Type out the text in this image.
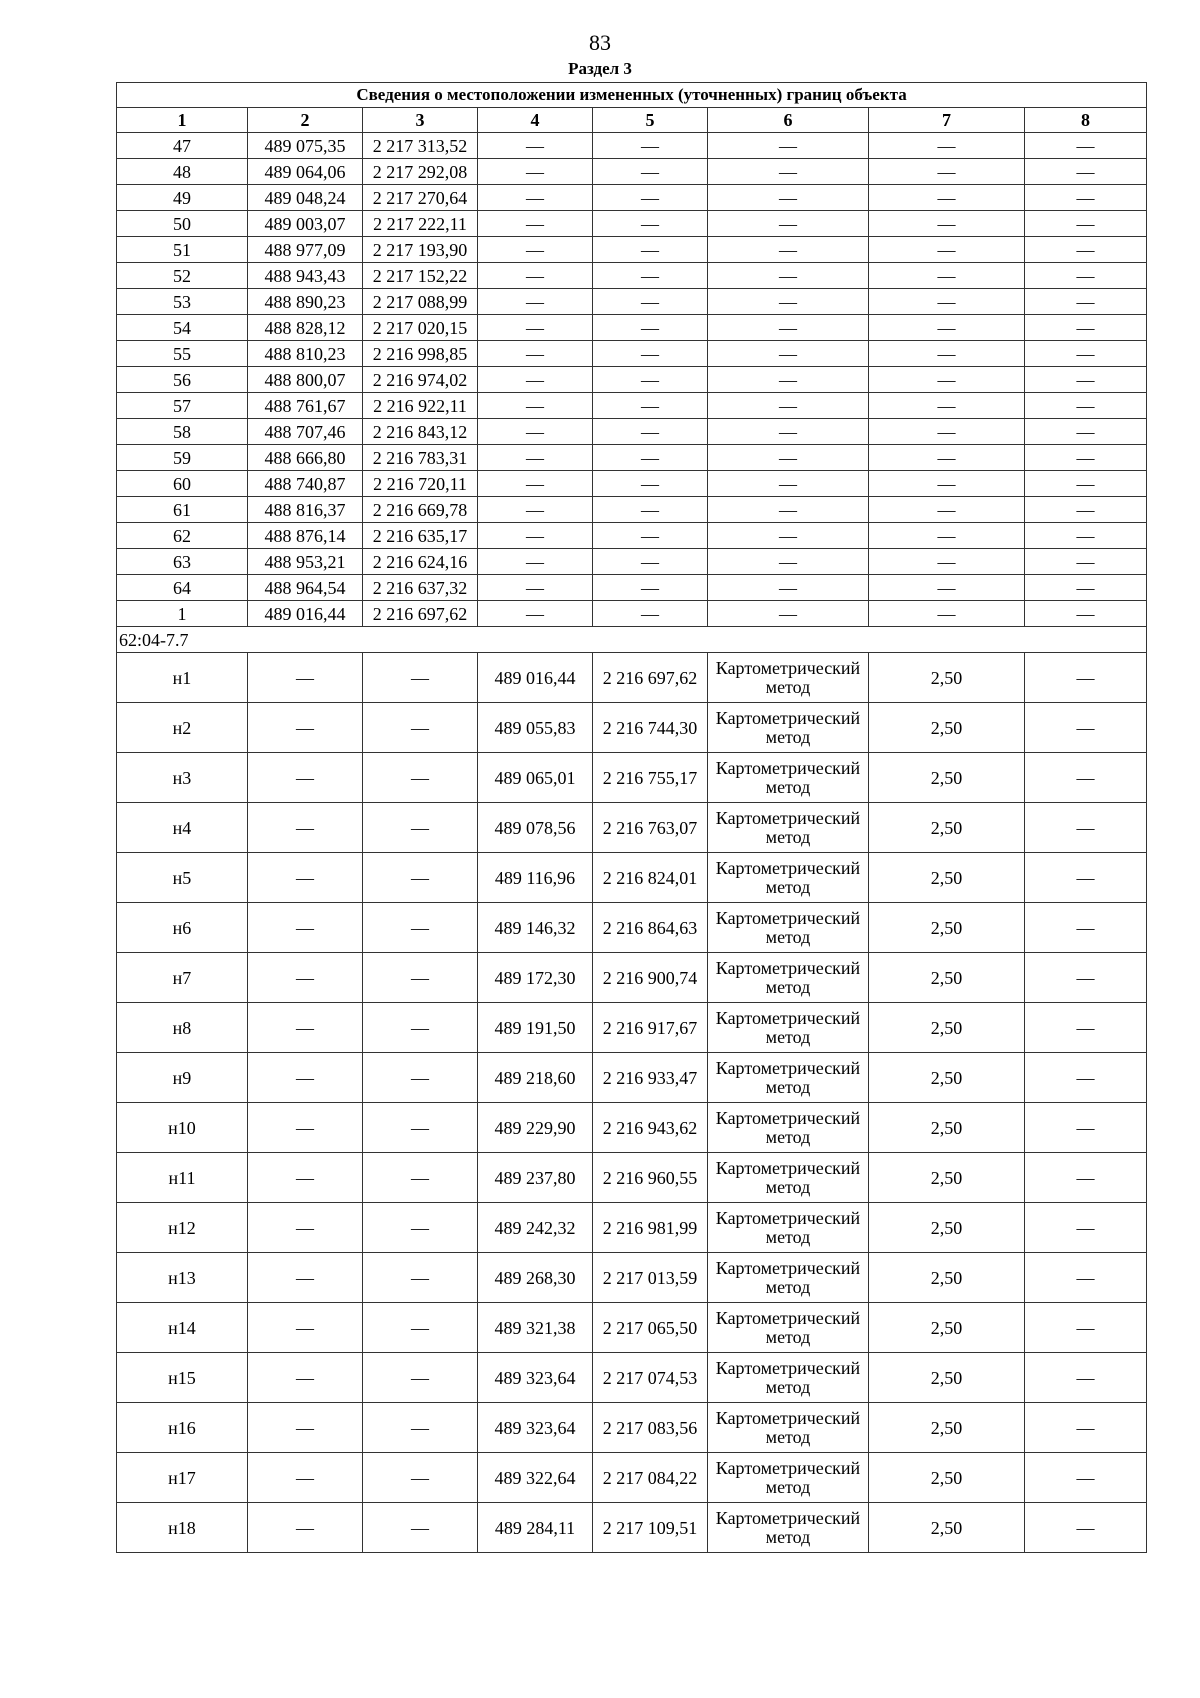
83
Раздел 3
Сведения о местоположении измененных (уточненных) границ объекта							
1	2	3	4	5	6	7	8
47	489 075,35	2 217 313,52	—	—	—	—	—
48	489 064,06	2 217 292,08	—	—	—	—	—
49	489 048,24	2 217 270,64	—	—	—	—	—
50	489 003,07	2 217 222,11	—	—	—	—	—
51	488 977,09	2 217 193,90	—	—	—	—	—
52	488 943,43	2 217 152,22	—	—	—	—	—
53	488 890,23	2 217 088,99	—	—	—	—	—
54	488 828,12	2 217 020,15	—	—	—	—	—
55	488 810,23	2 216 998,85	—	—	—	—	—
56	488 800,07	2 216 974,02	—	—	—	—	—
57	488 761,67	2 216 922,11	—	—	—	—	—
58	488 707,46	2 216 843,12	—	—	—	—	—
59	488 666,80	2 216 783,31	—	—	—	—	—
60	488 740,87	2 216 720,11	—	—	—	—	—
61	488 816,37	2 216 669,78	—	—	—	—	—
62	488 876,14	2 216 635,17	—	—	—	—	—
63	488 953,21	2 216 624,16	—	—	—	—	—
64	488 964,54	2 216 637,32	—	—	—	—	—
1	489 016,44	2 216 697,62	—	—	—	—	—
62:04-7.7							
н1	—	—	489 016,44	2 216 697,62	Картометрический метод	2,50	—
н2	—	—	489 055,83	2 216 744,30	Картометрический метод	2,50	—
н3	—	—	489 065,01	2 216 755,17	Картометрический метод	2,50	—
н4	—	—	489 078,56	2 216 763,07	Картометрический метод	2,50	—
н5	—	—	489 116,96	2 216 824,01	Картометрический метод	2,50	—
н6	—	—	489 146,32	2 216 864,63	Картометрический метод	2,50	—
н7	—	—	489 172,30	2 216 900,74	Картометрический метод	2,50	—
н8	—	—	489 191,50	2 216 917,67	Картометрический метод	2,50	—
н9	—	—	489 218,60	2 216 933,47	Картометрический метод	2,50	—
н10	—	—	489 229,90	2 216 943,62	Картометрический метод	2,50	—
н11	—	—	489 237,80	2 216 960,55	Картометрический метод	2,50	—
н12	—	—	489 242,32	2 216 981,99	Картометрический метод	2,50	—
н13	—	—	489 268,30	2 217 013,59	Картометрический метод	2,50	—
н14	—	—	489 321,38	2 217 065,50	Картометрический метод	2,50	—
н15	—	—	489 323,64	2 217 074,53	Картометрический метод	2,50	—
н16	—	—	489 323,64	2 217 083,56	Картометрический метод	2,50	—
н17	—	—	489 322,64	2 217 084,22	Картометрический метод	2,50	—
н18	—	—	489 284,11	2 217 109,51	Картометрический метод	2,50	—
